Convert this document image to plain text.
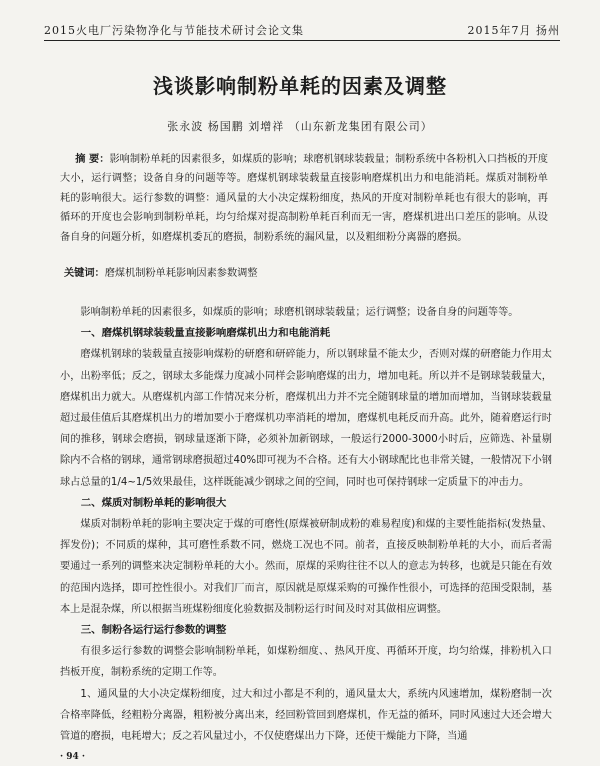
2015火电厂污染物净化与节能技术研讨会论文集	2015年7月 扬州
浅谈影响制粉单耗的因素及调整
张永波 杨国鹏 刘增祥 （山东新龙集团有限公司）
摘 要：影响制粉单耗的因素很多，如煤质的影响；球磨机钢球装载量；制粉系统中各粉机入口挡板的开度大小，运行调整；设备自身的问题等等。磨煤机钢球装载量直接影响磨煤机出力和电能消耗。煤质对制粉单耗的影响很大。运行参数的调整：通风量的大小决定煤粉细度，热风的开度对制粉单耗也有很大的影响，再循环的开度也会影响到制粉单耗，均匀给煤对提高制粉单耗百利而无一害，磨煤机进出口差压的影响。从设备自身的问题分析，如磨煤机委瓦的磨损，制粉系统的漏风量，以及粗细粉分离器的磨损。
关键词：磨煤机制粉单耗影响因素参数调整

影响制粉单耗的因素很多，如煤质的影响；球磨机钢球装载量；运行调整；设备自身的问题等等。

一、磨煤机钢球装载量直接影响磨煤机出力和电能消耗

磨煤机钢球的装载量直接影响煤粉的研磨和研碎能力，所以钢球量不能太少，否则对煤的研磨能力作用太小，出粉率低；反之，钢球太多能煤力度减小同样会影响磨煤的出力，增加电耗。所以并不是钢球装载量大，磨煤机出力就大。从磨煤机内部工作情况来分析，磨煤机出力并不完全随钢球量的增加而增加，当钢球装载量超过最佳值后其磨煤机出力的增加要小于磨煤机功率消耗的增加，磨煤机电耗反而升高。此外，随着磨运行时间的推移，钢球会磨损，钢球量逐渐下降，必须补加新钢球，一般运行2000-3000小时后，应筛选、补量剔除内不合格的钢球，通常钢球磨损超过40%即可视为不合格。还有大小钢球配比也非常关键，一般情况下小钢球占总量的1/4~1/5效果最佳，这样既能减少钢球之间的空间，同时也可保持钢球一定质量下的冲击力。

二、煤质对制粉单耗的影响很大

煤质对制粉单耗的影响主要决定于煤的可磨性(原煤被研制成粉的难易程度)和煤的主要性能指标(发热量、挥发份)；不同质的煤种，其可磨性系数不同，燃烧工况也不同。前者，直接反映制粉单耗的大小，而后者需要通过一系列的调整来决定制粉单耗的大小。然而，原煤的采购往往不以人的意志为转移，也就是只能在有效的范围内选择，即可控性很小。对我们厂而言，原因就是原煤采购的可操作性很小，可选择的范围受限制，基本上是混杂煤，所以根据当班煤粉细度化验数据及制粉运行时间及时对其做相应调整。

三、制粉各运行运行参数的调整

有很多运行参数的调整会影响制粉单耗，如煤粉细度、、热风开度、再循环开度，均匀给煤，排粉机入口挡板开度，制粉系统的定期工作等。

1、通风量的大小决定煤粉细度，过大和过小都是不利的，通风量太大，系统内风速增加，煤粉磨制一次合格率降低，经粗粉分离器，粗粉被分离出来，经回粉管回到磨煤机，作无益的循环，同时风速过大还会增大管道的磨损，电耗增大；反之若风量过小，不仅使磨煤出力下降，还使干燥能力下降，当通

· 94 ·
